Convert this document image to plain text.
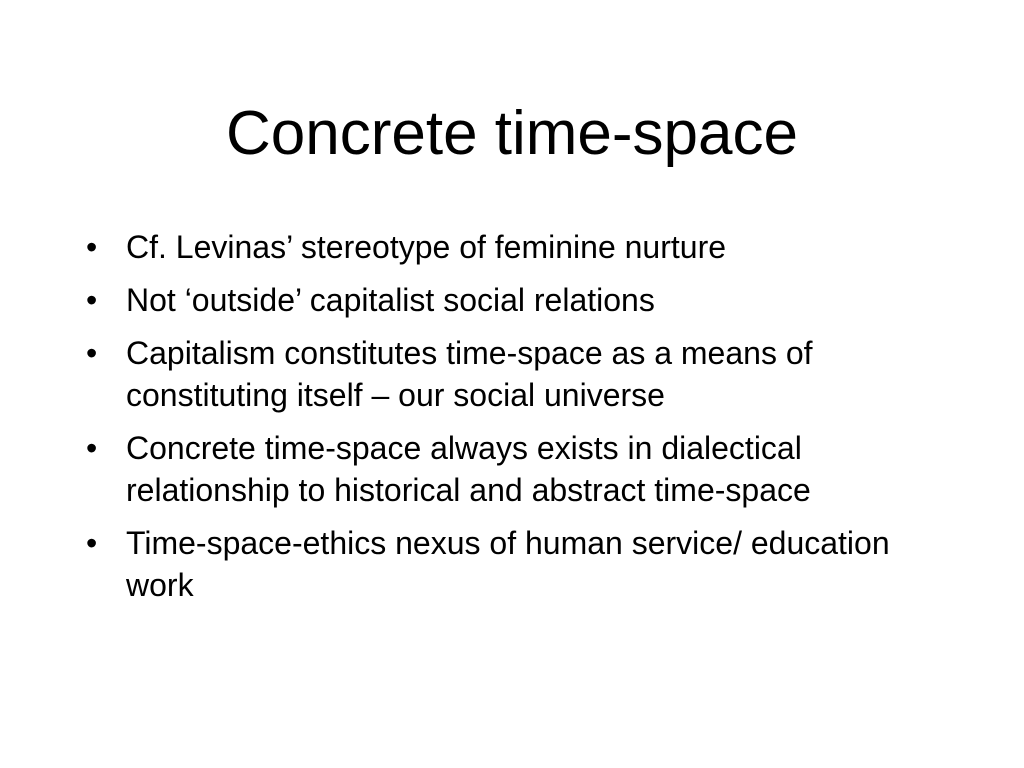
Concrete time-space
• Cf. Levinas’ stereotype of feminine nurture
• Not ‘outside’ capitalist social relations
• Capitalism constitutes time-space as a means of constituting itself – our social universe
• Concrete time-space always exists in dialectical relationship to historical and abstract time-space
• Time-space-ethics nexus of human service/ education work
